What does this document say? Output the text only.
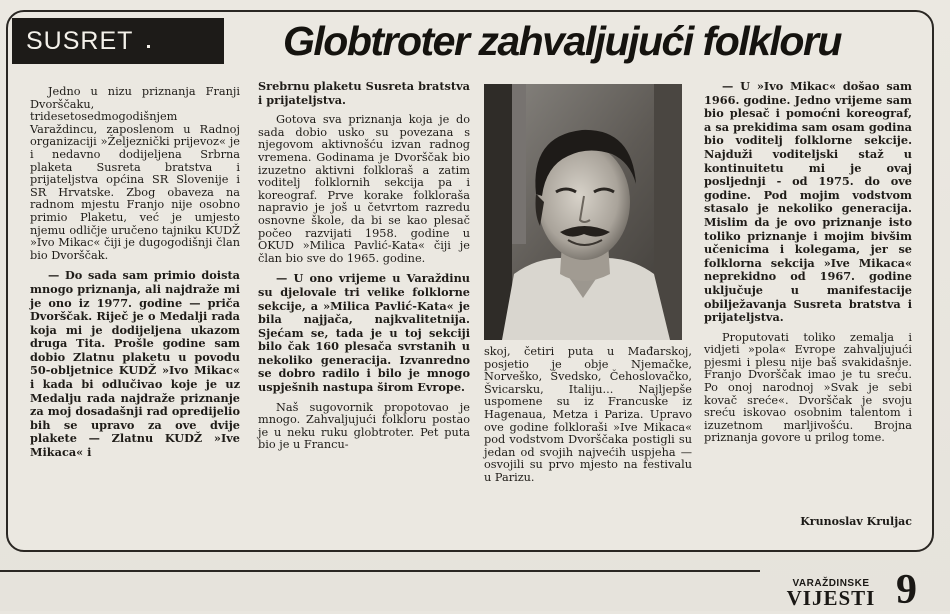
SUSRET	Globtroter zahvaljujući folkloru

Jedno u nizu priznanja Franji Dvorščaku, tridesetosedmogodišnjem Varaždincu, zaposlenom u Radnoj organizaciji »Željeznički prijevoz« je i nedavno dodijeljena Srbrna plaketa Susreta bratstva i prijateljstva općina SR Slovenije i SR Hrvatske. Zbog obaveza na radnom mjestu Franjo nije osobno primio Plaketu, već je umjesto njemu odličje uručeno tajniku KUDŽ »Ivo Mikac« čiji je dugogodišnji član bio Dvorščak.

— Do sada sam primio doista mnogo priznanja, ali najdraže mi je ono iz 1977. godine — priča Dvorščak. Riječ je o Medalji rada koja mi je dodijeljena ukazom druga Tita. Prošle godine sam dobio Zlatnu plaketu u povodu 50-obljetnice KUDŽ »Ivo Mikac« i kada bi odlučivao koje je uz Medalju rada najdraže priznanje za moj dosadašnji rad opredijelio bih se upravo za ove dvije plakete — Zlatnu KUDŽ »Ive Mikaca« i

Srebrnu plaketu Susreta bratstva i prijateljstva.

Gotova sva priznanja koja je do sada dobio usko su povezana s njegovom aktivnošću izvan radnog vremena. Godinama je Dvorščak bio izuzetno aktivni folkloraš a zatim voditelj folklornih sekcija pa i koreograf. Prve korake folkloraša napravio je još u četvrtom razredu osnovne škole, da bi se kao plesač počeo razvijati 1958. godine u OKUD »Milica Pavlić-Kata« čiji je član bio sve do 1965. godine.

— U ono vrijeme u Varaždinu su djelovale tri velike folklorne sekcije, a »Milica Pavlić-Kata« je bila najjača, najkvalitetnija. Sjećam se, tada je u toj sekciji bilo čak 160 plesača svrstanih u nekoliko generacija. Izvanredno se dobro radilo i bilo je mnogo uspješnih nastupa širom Evrope.

Naš sugovornik propotovao je mnogo. Zahvaljujući folkloru postao je u neku ruku globtroter. Pet puta bio je u Francu-

skoj, četiri puta u Mađarskoj, posjetio je obje Njemačke, Norveško, Švedsko, Čehoslovačko, Švicarsku, Italiju... Najljepše uspomene su iz Francuske iz Hagenaua, Metza i Pariza. Upravo ove godine folkloraši »Ive Mikaca« pod vodstvom Dvorščaka postigli su jedan od svojih najvećih uspjeha — osvojili su prvo mjesto na festivalu u Parizu.

— U »Ivo Mikac« došao sam 1966. godine. Jedno vrijeme sam bio plesač i pomoćni koreograf, a sa prekidima sam osam godina bio voditelj folklorne sekcije. Najduži voditeljski staž u kontinuitetu mi je ovaj posljednji - od 1975. do ove godine. Pod mojim vodstvom stasalo je nekoliko generacija. Mislim da je ovo priznanje isto toliko priznanje i mojim bivšim učenicima i kolegama, jer se folklorna sekcija »Ive Mikaca« neprekidno od 1967. godine uključuje u manifestacije obilježavanja Susreta bratstva i prijateljstva.

Proputovati toliko zemalja i vidjeti »pola« Evrope zahvaljujući pjesmi i plesu nije baš svakidašnje. Franjo Dvorščak imao je tu sreću. Po onoj narodnoj »Svak je sebi kovač sreće«. Dvorščak je svoju sreću iskovao osobnim talentom i izuzetnom marljivošću. Brojna priznanja govore u prilog tome.

Krunoslav Kruljac
VARAŽDINSKE
VIJESTI 9
